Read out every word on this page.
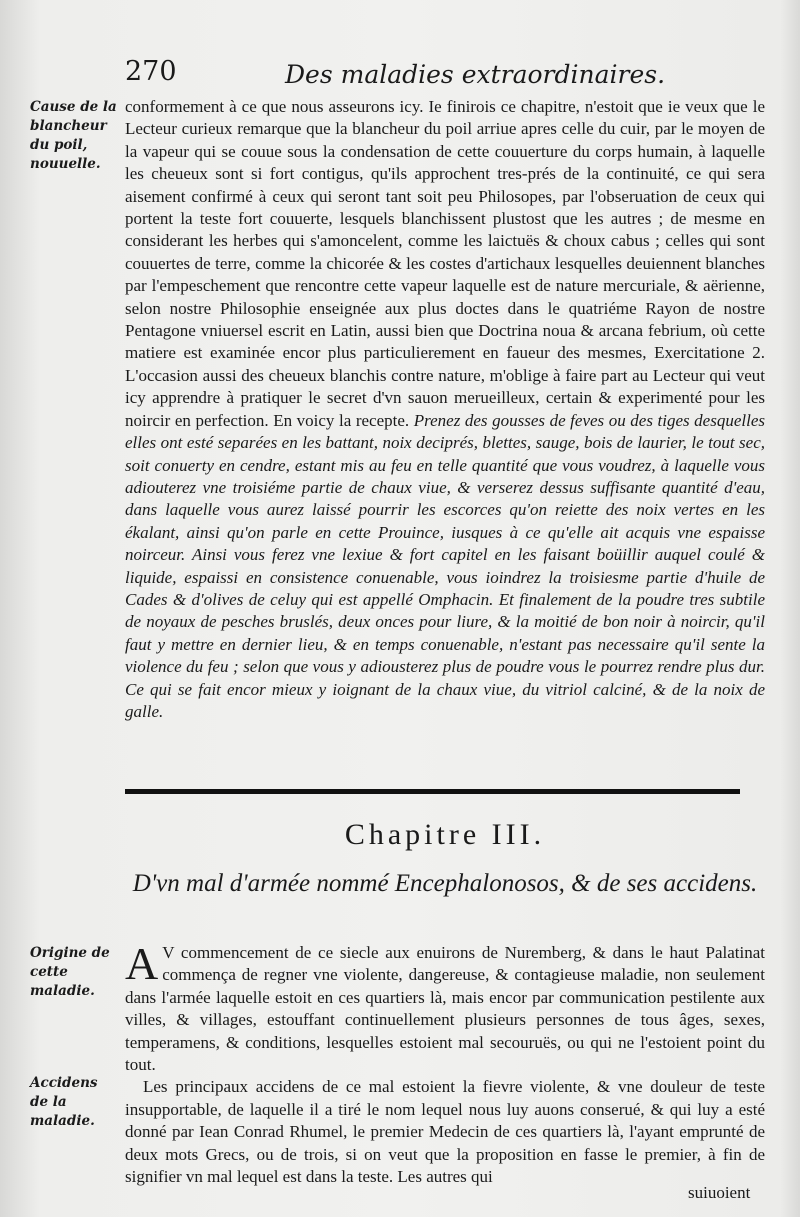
270	Des maladies extraordinaires.
Cause de la blancheur du poil, nouuelle.
conformement à ce que nous asseurons icy. Ie finirois ce chapitre, n'estoit que ie veux que le Lecteur curieux remarque que la blancheur du poil arriue apres celle du cuir, par le moyen de la vapeur qui se couue sous la condensation de cette couuerture du corps humain, à laquelle les cheueux sont si fort contigus, qu'ils approchent tres-prés de la continuité, ce qui sera aisement confirmé à ceux qui seront tant soit peu Philosopes, par l'obseruation de ceux qui portent la teste fort couuerte, lesquels blanchissent plustost que les autres ; de mesme en considerant les herbes qui s'amoncelent, comme les laictuës & choux cabus ; celles qui sont couuertes de terre, comme la chicorée & les costes d'artichaux lesquelles deuiennent blanches par l'empeschement que rencontre cette vapeur laquelle est de nature mercuriale, & aërienne, selon nostre Philosophie enseignée aux plus doctes dans le quatriéme Rayon de nostre Pentagone vniuersel escrit en Latin, aussi bien que Doctrina noua & arcana febrium, où cette matiere est examinée encor plus particulierement en faueur des mesmes, Exercitatione 2. L'occasion aussi des cheueux blanchis contre nature, m'oblige à faire part au Lecteur qui veut icy apprendre à pratiquer le secret d'vn sauon merueilleux, certain & experimenté pour les noircir en perfection. En voicy la recepte. Prenez des gousses de feves ou des tiges desquelles elles ont esté separées en les battant, noix deciprés, blettes, sauge, bois de laurier, le tout sec, soit conuerty en cendre, estant mis au feu en telle quantité que vous voudrez, à laquelle vous adiouterez vne troisiéme partie de chaux viue, & verserez dessus suffisante quantité d'eau, dans laquelle vous aurez laissé pourrir les escorces qu'on reiette des noix vertes en les ékalant, ainsi qu'on parle en cette Prouince, iusques à ce qu'elle ait acquis vne espaisse noirceur. Ainsi vous ferez vne lexiue & fort capitel en les faisant boüillir auquel coulé & liquide, espaissi en consistence conuenable, vous ioindrez la troisiesme partie d'huile de Cades & d'olives de celuy qui est appellé Omphacin. Et finalement de la poudre tres subtile de noyaux de pesches bruslés, deux onces pour liure, & la moitié de bon noir à noircir, qu'il faut y mettre en dernier lieu, & en temps conuenable, n'estant pas necessaire qu'il sente la violence du feu ; selon que vous y adiousterez plus de poudre vous le pourrez rendre plus dur. Ce qui se fait encor mieux y ioignant de la chaux viue, du vitriol calciné, & de la noix de galle.
Chapitre III.
D'vn mal d'armée nommé Encephalonosos, & de ses accidens.
Origine de cette maladie.
Accidens de la maladie.

A V commencement de ce siecle aux enuirons de Nuremberg, & dans le haut Palatinat commença de regner vne violente, dangereuse, & contagieuse maladie, non seulement dans l'armée laquelle estoit en ces quartiers là, mais encor par communication pestilente aux villes, & villages, estouffant continuellement plusieurs personnes de tous âges, sexes, temperamens, & conditions, lesquelles estoient mal secouruës, ou qui ne l'estoient point du tout.

Les principaux accidens de ce mal estoient la fievre violente, & vne douleur de teste insupportable, de laquelle il a tiré le nom lequel nous luy auons conserué, & qui luy a esté donné par Iean Conrad Rhumel, le premier Medecin de ces quartiers là, l'ayant emprunté de deux mots Grecs, ou de trois, si on veut que la proposition en fasse le premier, à fin de signifier vn mal lequel est dans la teste. Les autres qui

suiuoient
